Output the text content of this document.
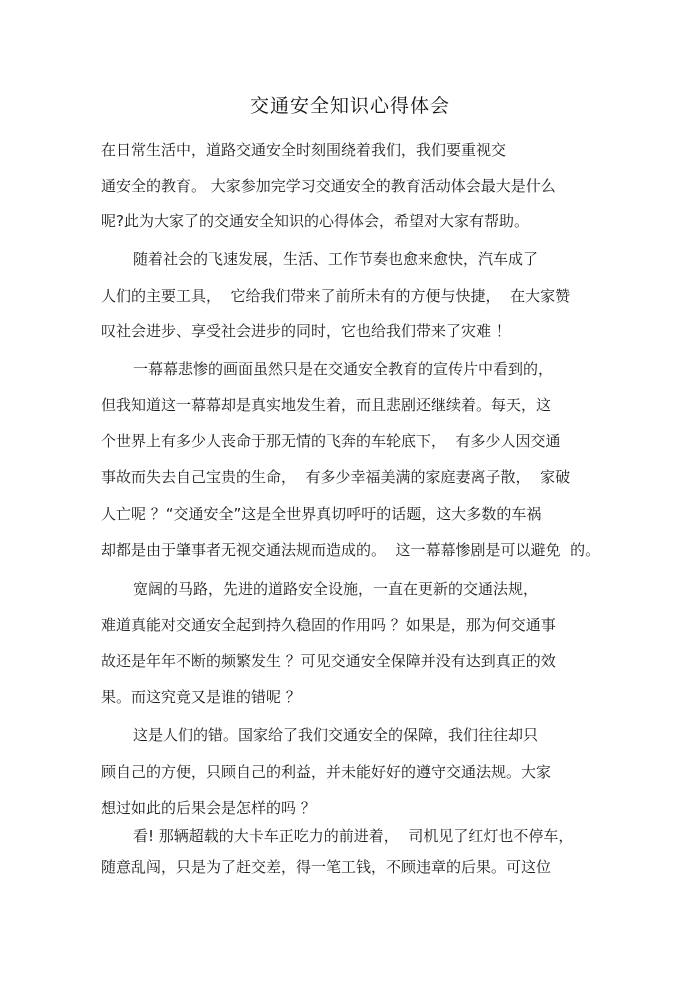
交通安全知识心得体会
在日常生活中，道路交通安全时刻围绕着我们，我们要重视交
通安全的教育。 大家参加完学习交通安全的教育活动体会最大是什么
呢?此为大家了的交通安全知识的心得体会，希望对大家有帮助。
随着社会的飞速发展，生活、工作节奏也愈来愈快，汽车成了
人们的主要工具，  它给我们带来了前所未有的方便与快捷，  在大家赞
叹社会进步、享受社会进步的同时，它也给我们带来了灾难 ！
一幕幕悲惨的画面虽然只是在交通安全教育的宣传片中看到的，
但我知道这一幕幕却是真实地发生着，而且悲剧还继续着。每天，这
个世界上有多少人丧命于那无情的飞奔的车轮底下，  有多少人因交通
事故而失去自己宝贵的生命，  有多少幸福美满的家庭妻离子散，  家破
人亡呢 ？“交通安全”这是全世界真切呼吁的话题，这大多数的车祸
却都是由于肇事者无视交通法规而造成的。  这一幕幕惨剧是可以避免  的。
宽阔的马路，先进的道路安全设施，一直在更新的交通法规，
难道真能对交通安全起到持久稳固的作用吗 ？如果是，那为何交通事
故还是年年不断的频繁发生 ？可见交通安全保障并没有达到真正的效
果。而这究竟又是谁的错呢 ？
这是人们的错。国家给了我们交通安全的保障，我们往往却只
顾自己的方便，只顾自己的利益，并未能好好的遵守交通法规。大家
想过如此的后果会是怎样的吗 ？
看! 那辆超载的大卡车正吃力的前进着，  司机见了红灯也不停车，
随意乱闯，只是为了赶交差，得一笔工钱，不顾违章的后果。可这位
